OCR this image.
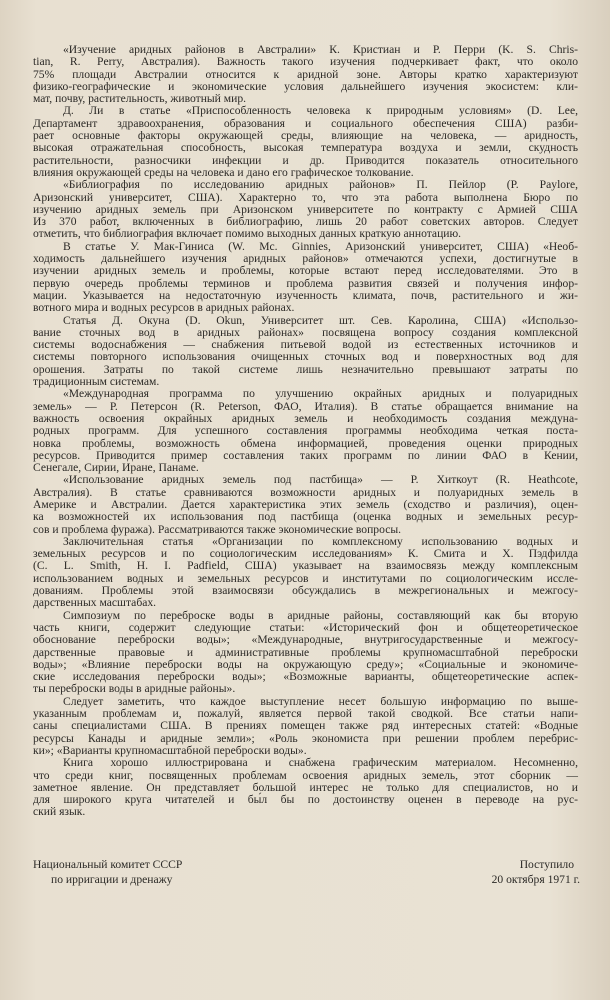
«Изучение аридных районов в Австралии» К. Кристиан и Р. Перри (K. S. Chris-
tian, R. Perry, Австралия). Важность такого изучения подчеркивает факт, что около
75% площади Австралии относится к аридной зоне. Авторы кратко характеризуют
физико-географические и экономические условия дальнейшего изучения экосистем: кли-
мат, почву, растительность, животный мир.
Д. Ли в статье «Приспособленность человека к природным условиям» (D. Lee,
Департамент здравоохранения, образования и социального обеспечения США) разби-
рает основные факторы окружающей среды, влияющие на человека, — аридность,
высокая отражательная способность, высокая температура воздуха и земли, скудность
растительности, разносчики инфекции и др. Приводится показатель относительного
влияния окружающей среды на человека и дано его графическое толкование.
«Библиография по исследованию аридных районов» П. Пейлор (P. Paylore,
Аризонский университет, США). Характерно то, что эта работа выполнена Бюро по
изучению аридных земель при Аризонском университете по контракту с Армией США
Из 370 работ, включенных в библиографию, лишь 20 работ советских авторов. Следует
отметить, что библиография включает помимо выходных данных краткую аннотацию.
В статье У. Мак-Гиниса (W. Mc. Ginnies, Аризонский университет, США) «Необ-
ходимость дальнейшего изучения аридных районов» отмечаются успехи, достигнутые в
изучении аридных земель и проблемы, которые встают перед исследователями. Это в
первую очередь проблемы терминов и проблема развития связей и получения инфор-
мации. Указывается на недостаточную изученность климата, почв, растительного и жи-
вотного мира и водных ресурсов в аридных районах.
Статья Д. Окуна (D. Okun, Университет шт. Сев. Каролина, США) «Использо-
вание сточных вод в аридных районах» посвящена вопросу создания комплексной
системы водоснабжения — снабжения питьевой водой из естественных источников и
системы повторного использования очищенных сточных вод и поверхностных вод для
орошения. Затраты по такой системе лишь незначительно превышают затраты по
традиционным системам.
«Международная программа по улучшению окрайных аридных и полуаридных
земель» — Р. Петерсон (R. Peterson, ФАО, Италия). В статье обращается внимание на
важность освоения окрайных аридных земель и необходимость создания междуна-
родных программ. Для успешного составления программы необходима четкая поста-
новка проблемы, возможность обмена информацией, проведения оценки природных
ресурсов. Приводится пример составления таких программ по линии ФАО в Кении,
Сенегале, Сирии, Иране, Панаме.
«Использование аридных земель под пастбища» — Р. Хиткоут (R. Heathcote,
Австралия). В статье сравниваются возможности аридных и полуаридных земель в
Америке и Австралии. Дается характеристика этих земель (сходство и различия), оцен-
ка возможностей их использования под пастбища (оценка водных и земельных ресур-
сов и проблема фуража). Рассматриваются также экономические вопросы.
Заключительная статья «Организации по комплексному использованию водных и
земельных ресурсов и по социологическим исследованиям» К. Смита и Х. Пэдфилда
(C. L. Smith, H. I. Padfield, США) указывает на взаимосвязь между комплексным
использованием водных и земельных ресурсов и институтами по социологическим иссле-
дованиям. Проблемы этой взаимосвязи обсуждались в межрегиональных и межгосу-
дарственных масштабах.
Симпозиум по переброске воды в аридные районы, составляющий как бы вторую
часть книги, содержит следующие статьи: «Исторический фон и общетеоретическое
обоснование переброски воды»; «Международные, внутригосударственные и межгосу-
дарственные правовые и административные проблемы крупномасштабной переброски
воды»; «Влияние переброски воды на окружающую среду»; «Социальные и экономиче-
ские исследования переброски воды»; «Возможные варианты, общетеоретические аспек-
ты переброски воды в аридные районы».
Следует заметить, что каждое выступление несет большую информацию по выше-
указанным проблемам и, пожалуй, является первой такой сводкой. Все статьи напи-
саны специалистами США. В прениях помещен также ряд интересных статей: «Водные
ресурсы Канады и аридные земли»; «Роль экономиста при решении проблем перебрис-
ки»; «Варианты крупномасштабной переброски воды».
Книга хорошо иллюстрирована и снабжена графическим материалом. Несомненно,
что среди книг, посвященных проблемам освоения аридных земель, этот сборник —
заметное явление. Он представляет большой интерес не только для специалистов, но и
для широкого круга читателей и бы́л бы по достоинству оценен в переводе на рус-
ский язык.
Национальный комитет СССР
по ирригации и дренажу
Поступило
20 октября 1971 г.
